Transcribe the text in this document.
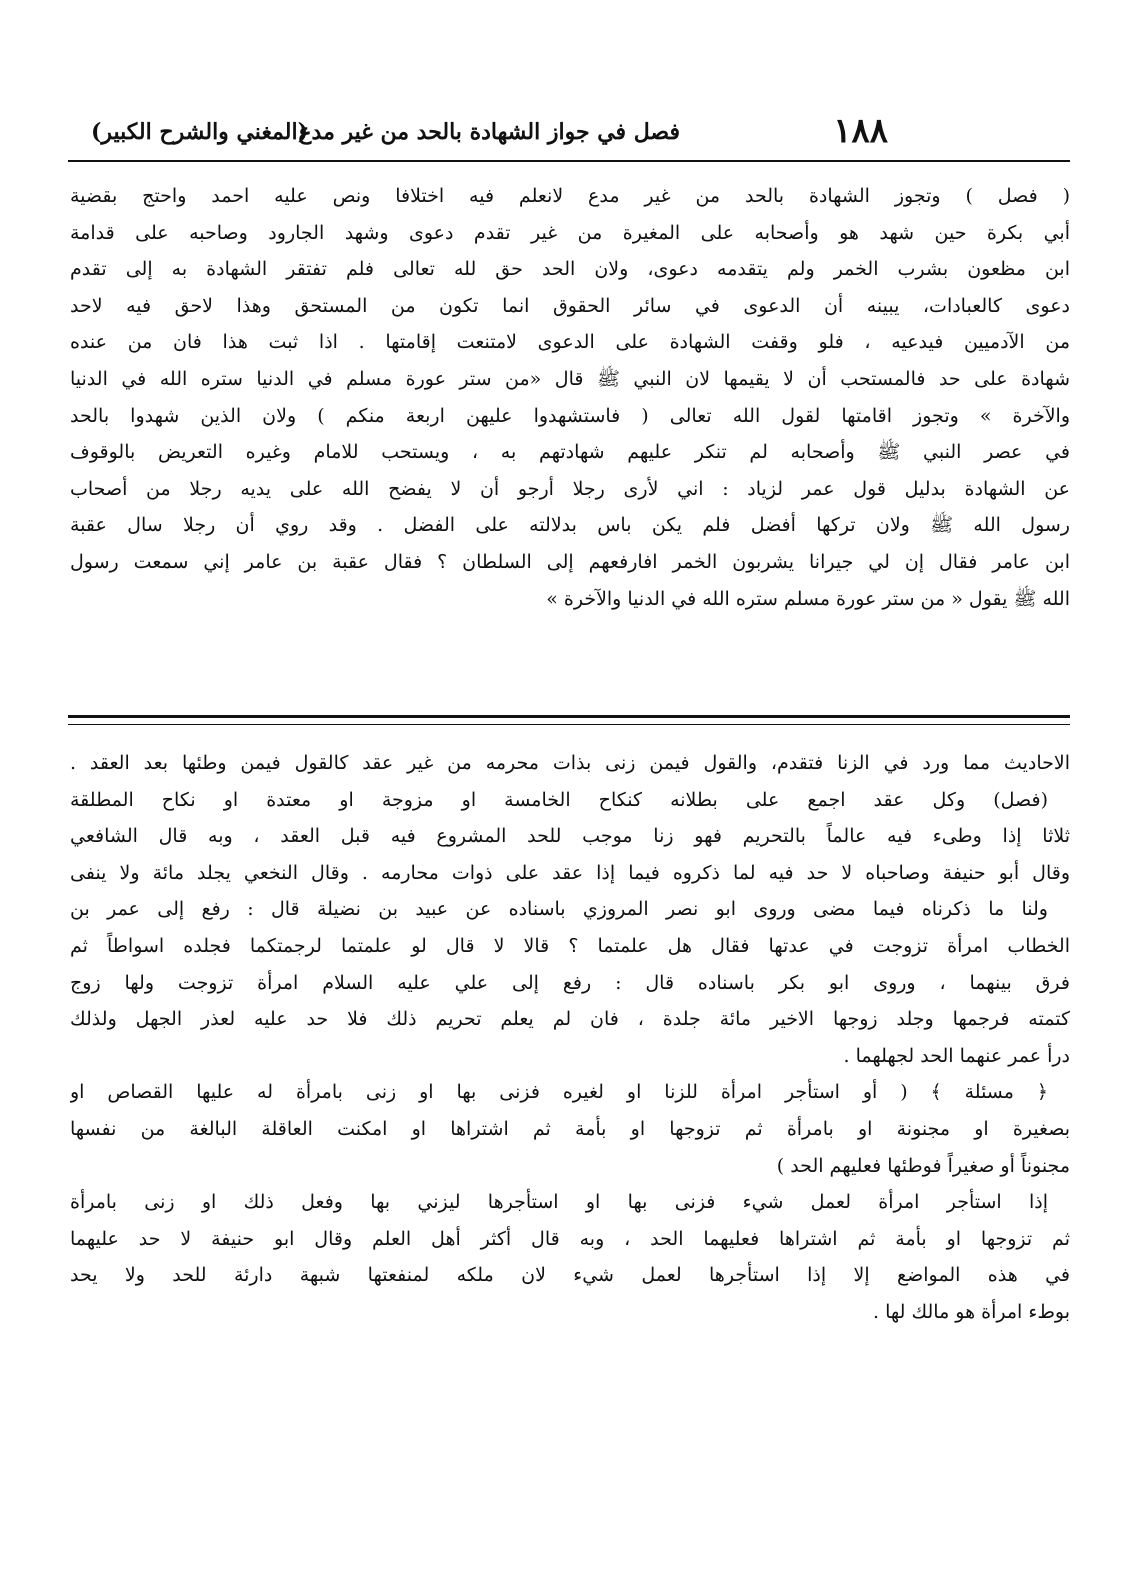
١٨٨
فصل في جواز الشهادة بالحد من غير مدع
(المغني والشرح الكبير)
( فصل ) وتجوز الشهادة بالحد من غير مدع لانعلم فيه اختلافا ونص عليه احمد واحتج بقضية
أبي بكرة حين شهد هو وأصحابه على المغيرة من غير تقدم دعوى وشهد الجارود وصاحبه على قدامة
ابن مظعون بشرب الخمر ولم يتقدمه دعوى، ولان الحد حق لله تعالى فلم تفتقر الشهادة به إلى تقدم
دعوى كالعبادات، يبينه أن الدعوى في سائر الحقوق انما تكون من المستحق وهذا لاحق فيه لاحد
من الآدميين فيدعيه ، فلو وقفت الشهادة على الدعوى لامتنعت إقامتها . اذا ثبت هذا فان من عنده
شهادة على حد فالمستحب أن لا يقيمها لان النبي ﷺ قال «من ستر عورة مسلم في الدنيا ستره الله في الدنيا
والآخرة » وتجوز اقامتها لقول الله تعالى ( فاستشهدوا عليهن اربعة منكم ) ولان الذين شهدوا بالحد
في عصر النبي ﷺ وأصحابه لم تنكر عليهم شهادتهم به ، ويستحب للامام وغيره التعريض بالوقوف
عن الشهادة بدليل قول عمر لزياد : اني لأرى رجلا أرجو أن لا يفضح الله على يديه رجلا من أصحاب
رسول الله ﷺ ولان تركها أفضل فلم يكن باس بدلالته على الفضل . وقد روي أن رجلا سال عقبة
ابن عامر فقال إن لي جيرانا يشربون الخمر افارفعهم إلى السلطان ؟ فقال عقبة بن عامر إني سمعت رسول
الله ﷺ يقول « من ستر عورة مسلم ستره الله في الدنيا والآخرة »
الاحاديث مما ورد في الزنا فتقدم، والقول فيمن زنى بذات محرمه من غير عقد كالقول فيمن وطئها بعد العقد .
(فصل) وكل عقد اجمع على بطلانه كنكاح الخامسة او مزوجة او معتدة او نكاح المطلقة
ثلاثا إذا وطىء فيه عالماً بالتحريم فهو زنا موجب للحد المشروع فيه قبل العقد ، وبه قال الشافعي
وقال أبو حنيفة وصاحباه لا حد فيه لما ذكروه فيما إذا عقد على ذوات محارمه . وقال النخعي يجلد مائة ولا ينفى
ولنا ما ذكرناه فيما مضى وروى ابو نصر المروزي باسناده عن عبيد بن نضيلة قال : رفع إلى عمر بن
الخطاب امرأة تزوجت في عدتها فقال هل علمتما ؟ قالا لا قال لو علمتما لرجمتكما فجلده اسواطاً ثم
فرق بينهما ، وروى ابو بكر باسناده قال : رفع إلى علي عليه السلام امرأة تزوجت ولها زوج
كتمته فرجمها وجلد زوجها الاخير مائة جلدة ، فان لم يعلم تحريم ذلك فلا حد عليه لعذر الجهل ولذلك
درأ عمر عنهما الحد لجهلهما .
﴿ مسئلة ﴾ ( أو استأجر امرأة للزنا او لغيره فزنى بها او زنى بامرأة له عليها القصاص او
بصغيرة او مجنونة او بامرأة ثم تزوجها او بأمة ثم اشتراها او امكنت العاقلة البالغة من نفسها
مجنوناً أو صغيراً فوطئها فعليهم الحد )
إذا استأجر امرأة لعمل شيء فزنى بها او استأجرها ليزني بها وفعل ذلك او زنى بامرأة
ثم تزوجها او بأمة ثم اشتراها فعليهما الحد ، وبه قال أكثر أهل العلم وقال ابو حنيفة لا حد عليهما
في هذه المواضع إلا إذا استأجرها لعمل شيء لان ملكه لمنفعتها شبهة دارئة للحد ولا يحد
بوطء امرأة هو مالك لها .
